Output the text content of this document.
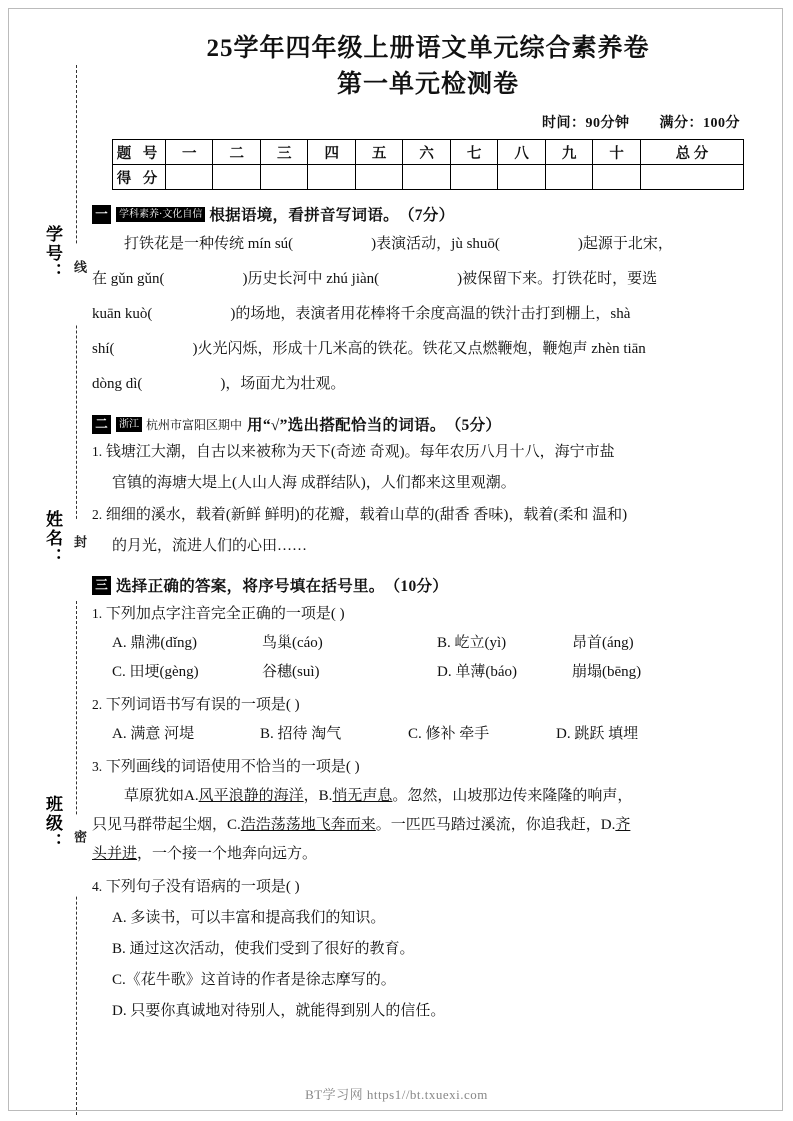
学号：
姓名：
班级：
线
封
密
25学年四年级上册语文单元综合素养卷
第一单元检测卷
时间：90分钟 满分：100分
题 号	一	二	三	四	五	六	七	八	九	十	总 分
得 分											
一	学科素养·文化自信 根据语境，看拼音写词语。 （7分）
打铁花是一种传统 mín sú(	)表演活动，jù shuō(	)起源于北宋，
在 gǔn gǔn(	)历史长河中 zhú jiàn(	)被保留下来。打铁花时，要选
kuān kuò(	)的场地，表演者用花棒将千余度高温的铁汁击打到棚上，shà
shí(	)火光闪烁，形成十几米高的铁花。铁花又点燃鞭炮，鞭炮声 zhèn tiān
dòng dì(	)，场面尤为壮观。
二	浙江 杭州市富阳区期中 用“√”选出搭配恰当的词语。 （5分）
1. 钱塘江大潮，自古以来被称为天下(奇迹 奇观)。每年农历八月十八，海宁市盐
官镇的海塘大堤上(人山人海 成群结队)，人们都来这里观潮。
2. 细细的溪水，载着(新鲜 鲜明)的花瓣，载着山草的(甜香 香味)，载着(柔和 温和)
的月光，流进人们的心田……
三 选择正确的答案，将序号填在括号里。 （10分）
1. 下列加点字注音完全正确的一项是( )
A. 鼎沸(dǐng)	鸟巢(cáo)	B. 屹立(yì)	昂首(áng)
C. 田埂(gèng)	谷穗(suì)	D. 单薄(báo)	崩塌(bēng)
2. 下列词语书写有误的一项是( )
A. 满意 河堤	B. 招待 淘气	C. 修补 牵手	D. 跳跃 填埋
3. 下列画线的词语使用不恰当的一项是( )
草原犹如A.风平浪静的海洋，B.悄无声息。忽然，山坡那边传来隆隆的响声，
只见马群带起尘烟，C.浩浩荡荡地飞奔而来。一匹匹马踏过溪流，你追我赶，D.齐
头并进，一个接一个地奔向远方。
4. 下列句子没有语病的一项是( )
A. 多读书，可以丰富和提高我们的知识。
B. 通过这次活动，使我们受到了很好的教育。
C.《花牛歌》这首诗的作者是徐志摩写的。
D. 只要你真诚地对待别人，就能得到别人的信任。
BT学习网 https1//bt.txuexi.com
